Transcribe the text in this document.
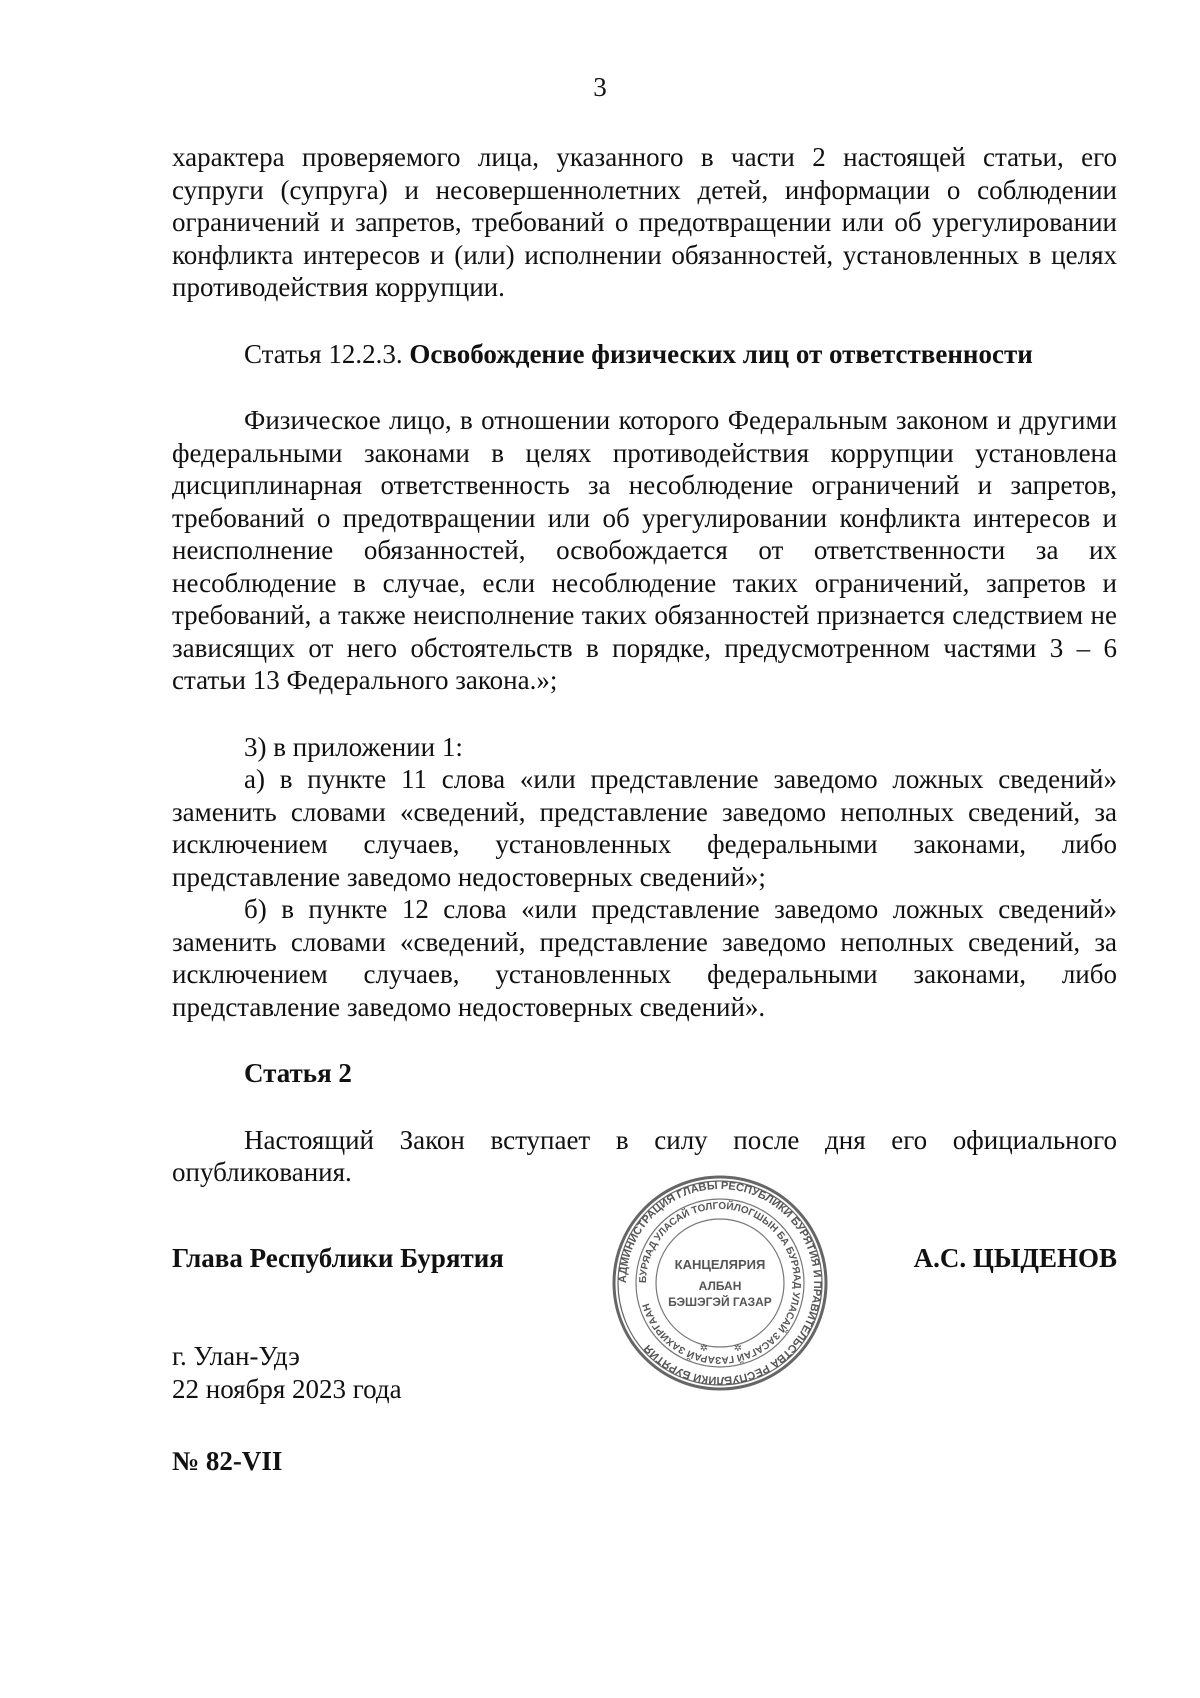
3

характера проверяемого лица, указанного в части 2 настоящей статьи, его супруги (супруга) и несовершеннолетних детей, информации о соблюдении ограничений и запретов, требований о предотвращении или об урегулировании конфликта интересов и (или) исполнении обязанностей, установленных в целях противодействия коррупции.

Статья 12.2.3. Освобождение физических лиц от ответственности

Физическое лицо, в отношении которого Федеральным законом и другими федеральными законами в целях противодействия коррупции установлена дисциплинарная ответственность за несоблюдение ограничений и запретов, требований о предотвращении или об урегулировании конфликта интересов и неисполнение обязанностей, освобождается от ответственности за их несоблюдение в случае, если несоблюдение таких ограничений, запретов и требований, а также неисполнение таких обязанностей признается следствием не зависящих от него обстоятельств в порядке, предусмотренном частями 3 – 6 статьи 13 Федерального закона.»;

3) в приложении 1:

а) в пункте 11 слова «или представление заведомо ложных сведений» заменить словами «сведений, представление заведомо неполных сведений, за исключением случаев, установленных федеральными законами, либо представление заведомо недостоверных сведений»;

б) в пункте 12 слова «или представление заведомо ложных сведений» заменить словами «сведений, представление заведомо неполных сведений, за исключением случаев, установленных федеральными законами, либо представление заведомо недостоверных сведений».

Статья 2

Настоящий Закон вступает в силу после дня его официального опубликования.

Глава Республики Бурятия	А.С. ЦЫДЕНОВ
АДМИНИСТРАЦИЯ ГЛАВЫ РЕСПУБЛИКИ БУРЯТИЯ И ПРАВИТЕЛЬСТВА РЕСПУБЛИКИ БУРЯТИЯ
БУРЯАД УЛАСАЙ ТОЛГОЙЛОГШЫН БА БУРЯАД УЛАСАЙ ЗАСАГАЙ ГАЗАРАЙ ЗАХИРГААН
КАНЦЕЛЯРИЯ
АЛБАН
БЭШЭГЭЙ ГАЗАР
✲	✲
г. Улан-Удэ
22 ноября 2023 года
№ 82-VII
